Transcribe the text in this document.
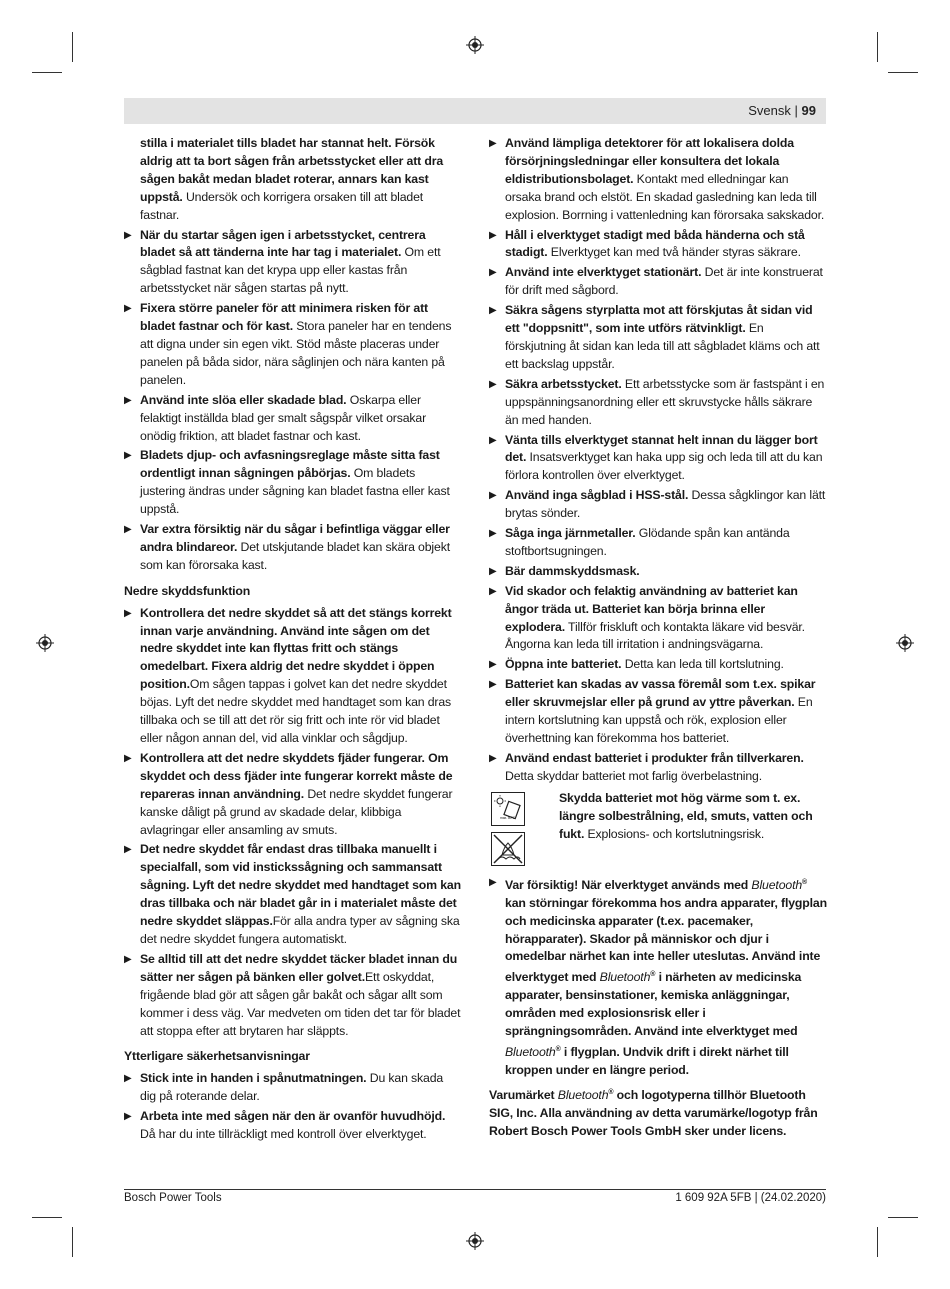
Svensk | 99
stilla i materialet tills bladet har stannat helt. Försök aldrig att ta bort sågen från arbetsstycket eller att dra sågen bakåt medan bladet roterar, annars kan kast uppstå. Undersök och korrigera orsaken till att bladet fastnar.
▶ När du startar sågen igen i arbetsstycket, centrera bladet så att tänderna inte har tag i materialet. Om ett sågblad fastnat kan det krypa upp eller kastas från arbetsstycket när sågen startas på nytt.
▶ Fixera större paneler för att minimera risken för att bladet fastnar och för kast. Stora paneler har en tendens att digna under sin egen vikt. Stöd måste placeras under panelen på båda sidor, nära såglinjen och nära kanten på panelen.
▶ Använd inte slöa eller skadade blad. Oskarpa eller felaktigt inställda blad ger smalt sågspår vilket orsakar onödig friktion, att bladet fastnar och kast.
▶ Bladets djup- och avfasningsreglage måste sitta fast ordentligt innan sågningen påbörjas. Om bladets justering ändras under sågning kan bladet fastna eller kast uppstå.
▶ Var extra försiktig när du sågar i befintliga väggar eller andra blindareor. Det utskjutande bladet kan skära objekt som kan förorsaka kast.
Nedre skyddsfunktion
▶ Kontrollera det nedre skyddet så att det stängs korrekt innan varje användning. Använd inte sågen om det nedre skyddet inte kan flyttas fritt och stängs omedelbart. Fixera aldrig det nedre skyddet i öppen position.Om sågen tappas i golvet kan det nedre skyddet böjas. Lyft det nedre skyddet med handtaget som kan dras tillbaka och se till att det rör sig fritt och inte rör vid bladet eller någon annan del, vid alla vinklar och sågdjup.
▶ Kontrollera att det nedre skyddets fjäder fungerar. Om skyddet och dess fjäder inte fungerar korrekt måste de repareras innan användning. Det nedre skyddet fungerar kanske dåligt på grund av skadade delar, klibbiga avlagringar eller ansamling av smuts.
▶ Det nedre skyddet får endast dras tillbaka manuellt i specialfall, som vid instickssågning och sammansatt sågning. Lyft det nedre skyddet med handtaget som kan dras tillbaka och när bladet går in i materialet måste det nedre skyddet släppas.För alla andra typer av sågning ska det nedre skyddet fungera automatiskt.
▶ Se alltid till att det nedre skyddet täcker bladet innan du sätter ner sågen på bänken eller golvet.Ett oskyddat, frigående blad gör att sågen går bakåt och sågar allt som kommer i dess väg. Var medveten om tiden det tar för bladet att stoppa efter att brytaren har släppts.
Ytterligare säkerhetsanvisningar
▶ Stick inte in handen i spånutmatningen. Du kan skada dig på roterande delar.
▶ Arbeta inte med sågen när den är ovanför huvudhöjd. Då har du inte tillräckligt med kontroll över elverktyget.
▶ Använd lämpliga detektorer för att lokalisera dolda försörjningsledningar eller konsultera det lokala eldistributionsbolaget. Kontakt med elledningar kan orsaka brand och elstöt. En skadad gasledning kan leda till explosion. Borrning i vattenledning kan förorsaka sakskador.
▶ Håll i elverktyget stadigt med båda händerna och stå stadigt. Elverktyget kan med två händer styras säkrare.
▶ Använd inte elverktyget stationärt. Det är inte konstruerat för drift med sågbord.
▶ Säkra sågens styrplatta mot att förskjutas åt sidan vid ett "doppsnitt", som inte utförs rätvinkligt. En förskjutning åt sidan kan leda till att sågbladet kläms och att ett backslag uppstår.
▶ Säkra arbetsstycket. Ett arbetsstycke som är fastspänt i en uppspänningsanordning eller ett skruvstycke hålls säkrare än med handen.
▶ Vänta tills elverktyget stannat helt innan du lägger bort det. Insatsverktyget kan haka upp sig och leda till att du kan förlora kontrollen över elverktyget.
▶ Använd inga sågblad i HSS-stål. Dessa sågklingor kan lätt brytas sönder.
▶ Såga inga järnmetaller. Glödande spån kan antända stoftbortsugningen.
▶ Bär dammskyddsmask.
▶ Vid skador och felaktig användning av batteriet kan ångor träda ut. Batteriet kan börja brinna eller explodera. Tillför friskluft och kontakta läkare vid besvär. Ångorna kan leda till irritation i andningsvägarna.
▶ Öppna inte batteriet. Detta kan leda till kortslutning.
▶ Batteriet kan skadas av vassa föremål som t.ex. spikar eller skruvmejslar eller på grund av yttre påverkan. En intern kortslutning kan uppstå och rök, explosion eller överhettning kan förekomma hos batteriet.
▶ Använd endast batteriet i produkter från tillverkaren. Detta skyddar batteriet mot farlig överbelastning.
max. 50°C
Skydda batteriet mot hög värme som t. ex. längre solbestrålning, eld, smuts, vatten och fukt. Explosions- och kortslutningsrisk.
▶ Var försiktig! När elverktyget används med Bluetooth® kan störningar förekomma hos andra apparater, flygplan och medicinska apparater (t.ex. pacemaker, hörapparater). Skador på människor och djur i omedelbar närhet kan inte heller uteslutas. Använd inte elverktyget med Bluetooth® i närheten av medicinska apparater, bensinstationer, kemiska anläggningar, områden med explosionsrisk eller i sprängningsområden. Använd inte elverktyget med Bluetooth® i flygplan. Undvik drift i direkt närhet till kroppen under en längre period.
Varumärket Bluetooth® och logotyperna tillhör Bluetooth SIG, Inc. Alla användning av detta varumärke/logotyp från Robert Bosch Power Tools GmbH sker under licens.
Bosch Power Tools	1 609 92A 5FB | (24.02.2020)
